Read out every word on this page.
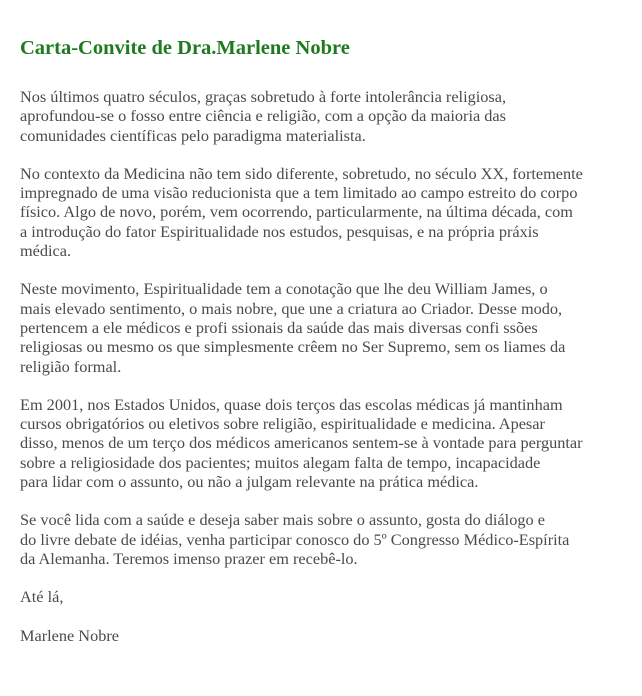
Carta-Convite de Dra.Marlene Nobre

Nos últimos quatro séculos, graças sobretudo à forte intolerância religiosa,
aprofundou-se o fosso entre ciência e religião, com a opção da maioria das
comunidades científicas pelo paradigma materialista.

No contexto da Medicina não tem sido diferente, sobretudo, no século XX, fortemente
impregnado de uma visão reducionista que a tem limitado ao campo estreito do corpo
físico. Algo de novo, porém, vem ocorrendo, particularmente, na última década, com
a introdução do fator Espiritualidade nos estudos, pesquisas, e na própria práxis
médica.

Neste movimento, Espiritualidade tem a conotação que lhe deu William James, o
mais elevado sentimento, o mais nobre, que une a criatura ao Criador. Desse modo,
pertencem a ele médicos e profi ssionais da saúde das mais diversas confi ssões
religiosas ou mesmo os que simplesmente crêem no Ser Supremo, sem os liames da
religião formal.

Em 2001, nos Estados Unidos, quase dois terços das escolas médicas já mantinham
cursos obrigatórios ou eletivos sobre religião, espiritualidade e medicina. Apesar
disso, menos de um terço dos médicos americanos sentem-se à vontade para perguntar
sobre a religiosidade dos pacientes; muitos alegam falta de tempo, incapacidade
para lidar com o assunto, ou não a julgam relevante na prática médica.

Se você lida com a saúde e deseja saber mais sobre o assunto, gosta do diálogo e
do livre debate de idéias, venha participar conosco do 5º Congresso Médico-Espírita
da Alemanha. Teremos imenso prazer em recebê-lo.

Até lá,

Marlene Nobre
